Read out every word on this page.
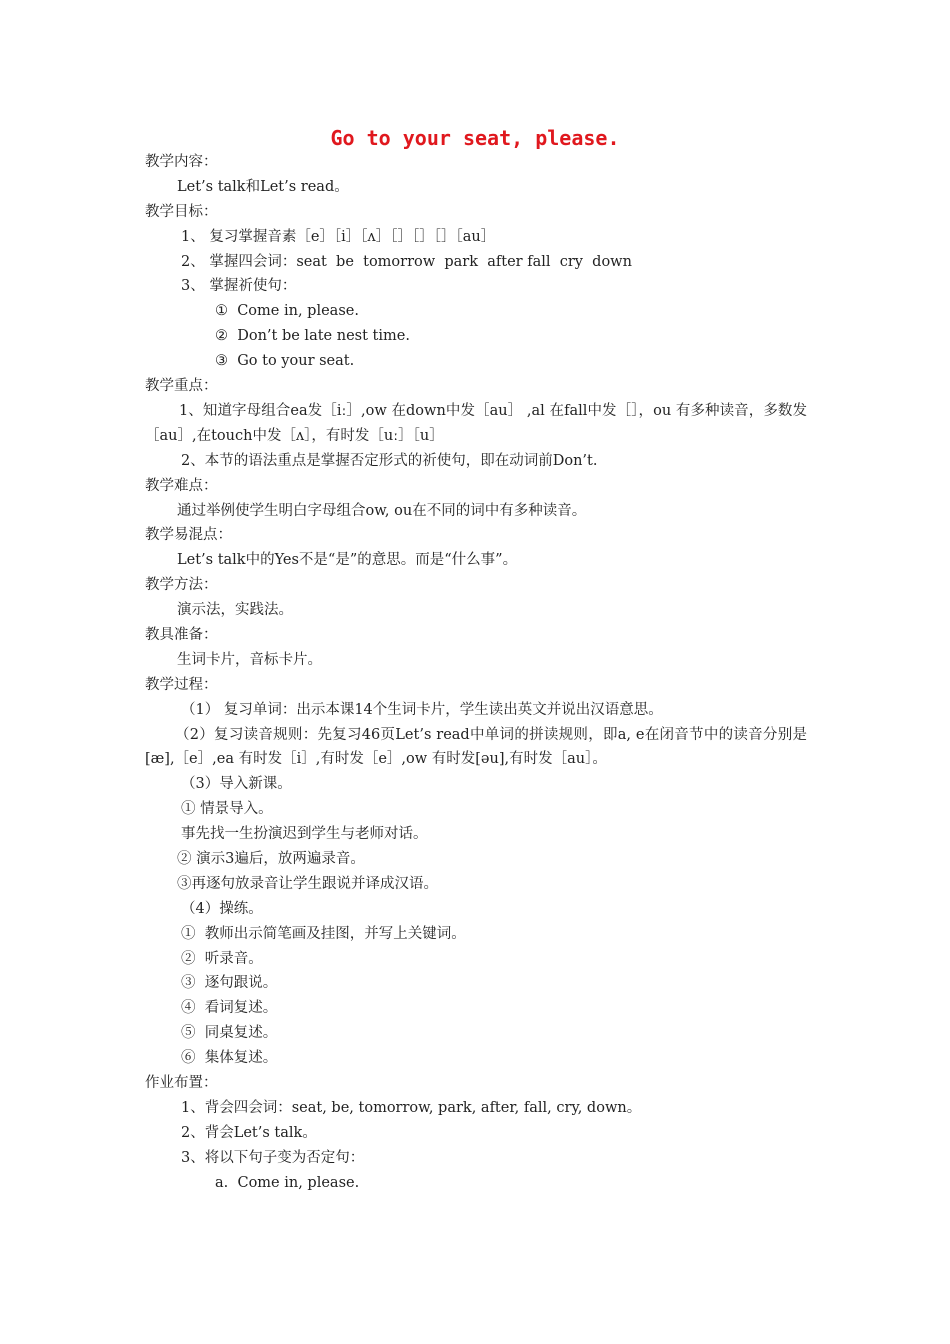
Go to your seat, please.
教学内容：
Let’s talk和Let’s read。
教学目标：
1、 复习掌握音素［e］［i］［ʌ］［］［］［］［au］
2、 掌握四会词：seat  be  tomorrow  park  after fall  cry  down
3、 掌握祈使句：
①  Come in, please.
②  Don’t be late nest time.
③  Go to your seat.
教学重点：
1、知道字母组合ea发［iː］,ow 在down中发［au］ ,al 在fall中发［］，ou 有多种读音，多数发［au］,在touch中发［ʌ］，有时发［uː］［u］
2、本节的语法重点是掌握否定形式的祈使句，即在动词前Don’t.
教学难点：
通过举例使学生明白字母组合ow, ou在不同的词中有多种读音。
教学易混点：
Let’s talk中的Yes不是“是”的意思。而是“什么事”。
教学方法：
演示法，实践法。
教具准备：
生词卡片，音标卡片。
教学过程：
（1） 复习单词：出示本课14个生词卡片，学生读出英文并说出汉语意思。
（2）复习读音规则：先复习46页Let’s read中单词的拼读规则，即a, e在闭音节中的读音分别是[æ],［e］,ea 有时发［i］,有时发［e］,ow 有时发[əu],有时发［au］。
（3）导入新课。
① 情景导入。
事先找一生扮演迟到学生与老师对话。
② 演示3遍后，放两遍录音。
③再逐句放录音让学生跟说并译成汉语。
（4）操练。
①  教师出示简笔画及挂图，并写上关键词。
②  听录音。
③  逐句跟说。
④  看词复述。
⑤  同桌复述。
⑥  集体复述。
作业布置：
1、背会四会词：seat, be, tomorrow, park, after, fall, cry, down。
2、背会Let’s talk。
3、将以下句子变为否定句：
a.  Come in, please.
